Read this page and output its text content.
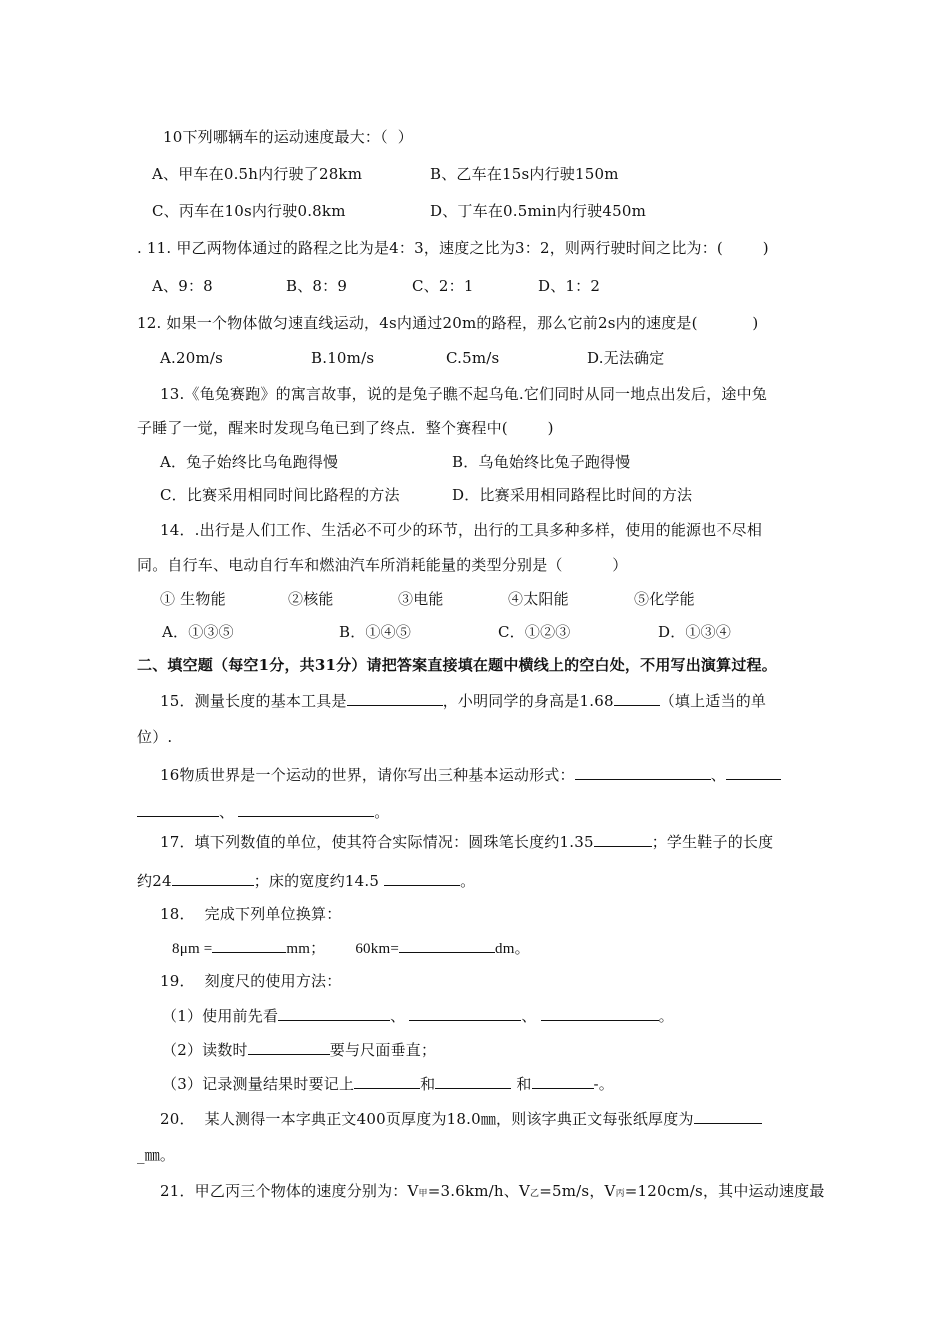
10下列哪辆车的运动速度最大：（  ）
A、甲车在0.5h内行驶了28km	B、乙车在15s内行驶150m
C、丙车在10s内行驶0.8km	D、丁车在0.5min内行驶450m
. 11. 甲乙两物体通过的路程之比为是4：3，速度之比为3：2，则两行驶时间之比为：(        )
A、9：8	B、8：9	C、2：1	D、1：2
12. 如果一个物体做匀速直线运动，4s内通过20m的路程，那么它前2s内的速度是(           )
A.20m/s	B.10m/s	C.5m/s	D.无法确定
13.《龟兔赛跑》的寓言故事，说的是兔子瞧不起乌龟.它们同时从同一地点出发后，途中兔
子睡了一觉，醒来时发现乌龟已到了终点．整个赛程中(        )
A．兔子始终比乌龟跑得慢	B．乌龟始终比兔子跑得慢
C．比赛采用相同时间比路程的方法	D．比赛采用相同路程比时间的方法
14．.出行是人们工作、生活必不可少的环节，出行的工具多种多样，使用的能源也不尽相
同。自行车、电动自行车和燃油汽车所消耗能量的类型分别是（          ）
① 生物能	②核能	③电能	④太阳能	⑤化学能
A．①③⑤	B．①④⑤	C．①②③	D．①③④
二、填空题（每空1分，共31分）请把答案直接填在题中横线上的空白处，不用写出演算过程。
15．测量长度的基本工具是	，小明同学的身高是1.68	（填上适当的单
位）.
16物质世界是一个运动的世界，请你写出三种基本运动形式：	、
、	。
17．填下列数值的单位，使其符合实际情况：圆珠笔长度约1.35	；学生鞋子的长度
约24	；床的宽度约14.5	。
18．  完成下列单位换算：
8μm =	mm； 60km=	dm。
19．  刻度尺的使用方法：
（1）使用前先看	、	、	。
（2）读数时	要与尺面垂直；
（3）记录测量结果时要记上	和	和	-。
20．  某人测得一本字典正文400页厚度为18.0㎜，则该字典正文每张纸厚度为
_㎜。
21．甲乙丙三个物体的速度分别为：V甲=3.6km/h、V乙=5m/s，V丙=120cm/s，其中运动速度最
